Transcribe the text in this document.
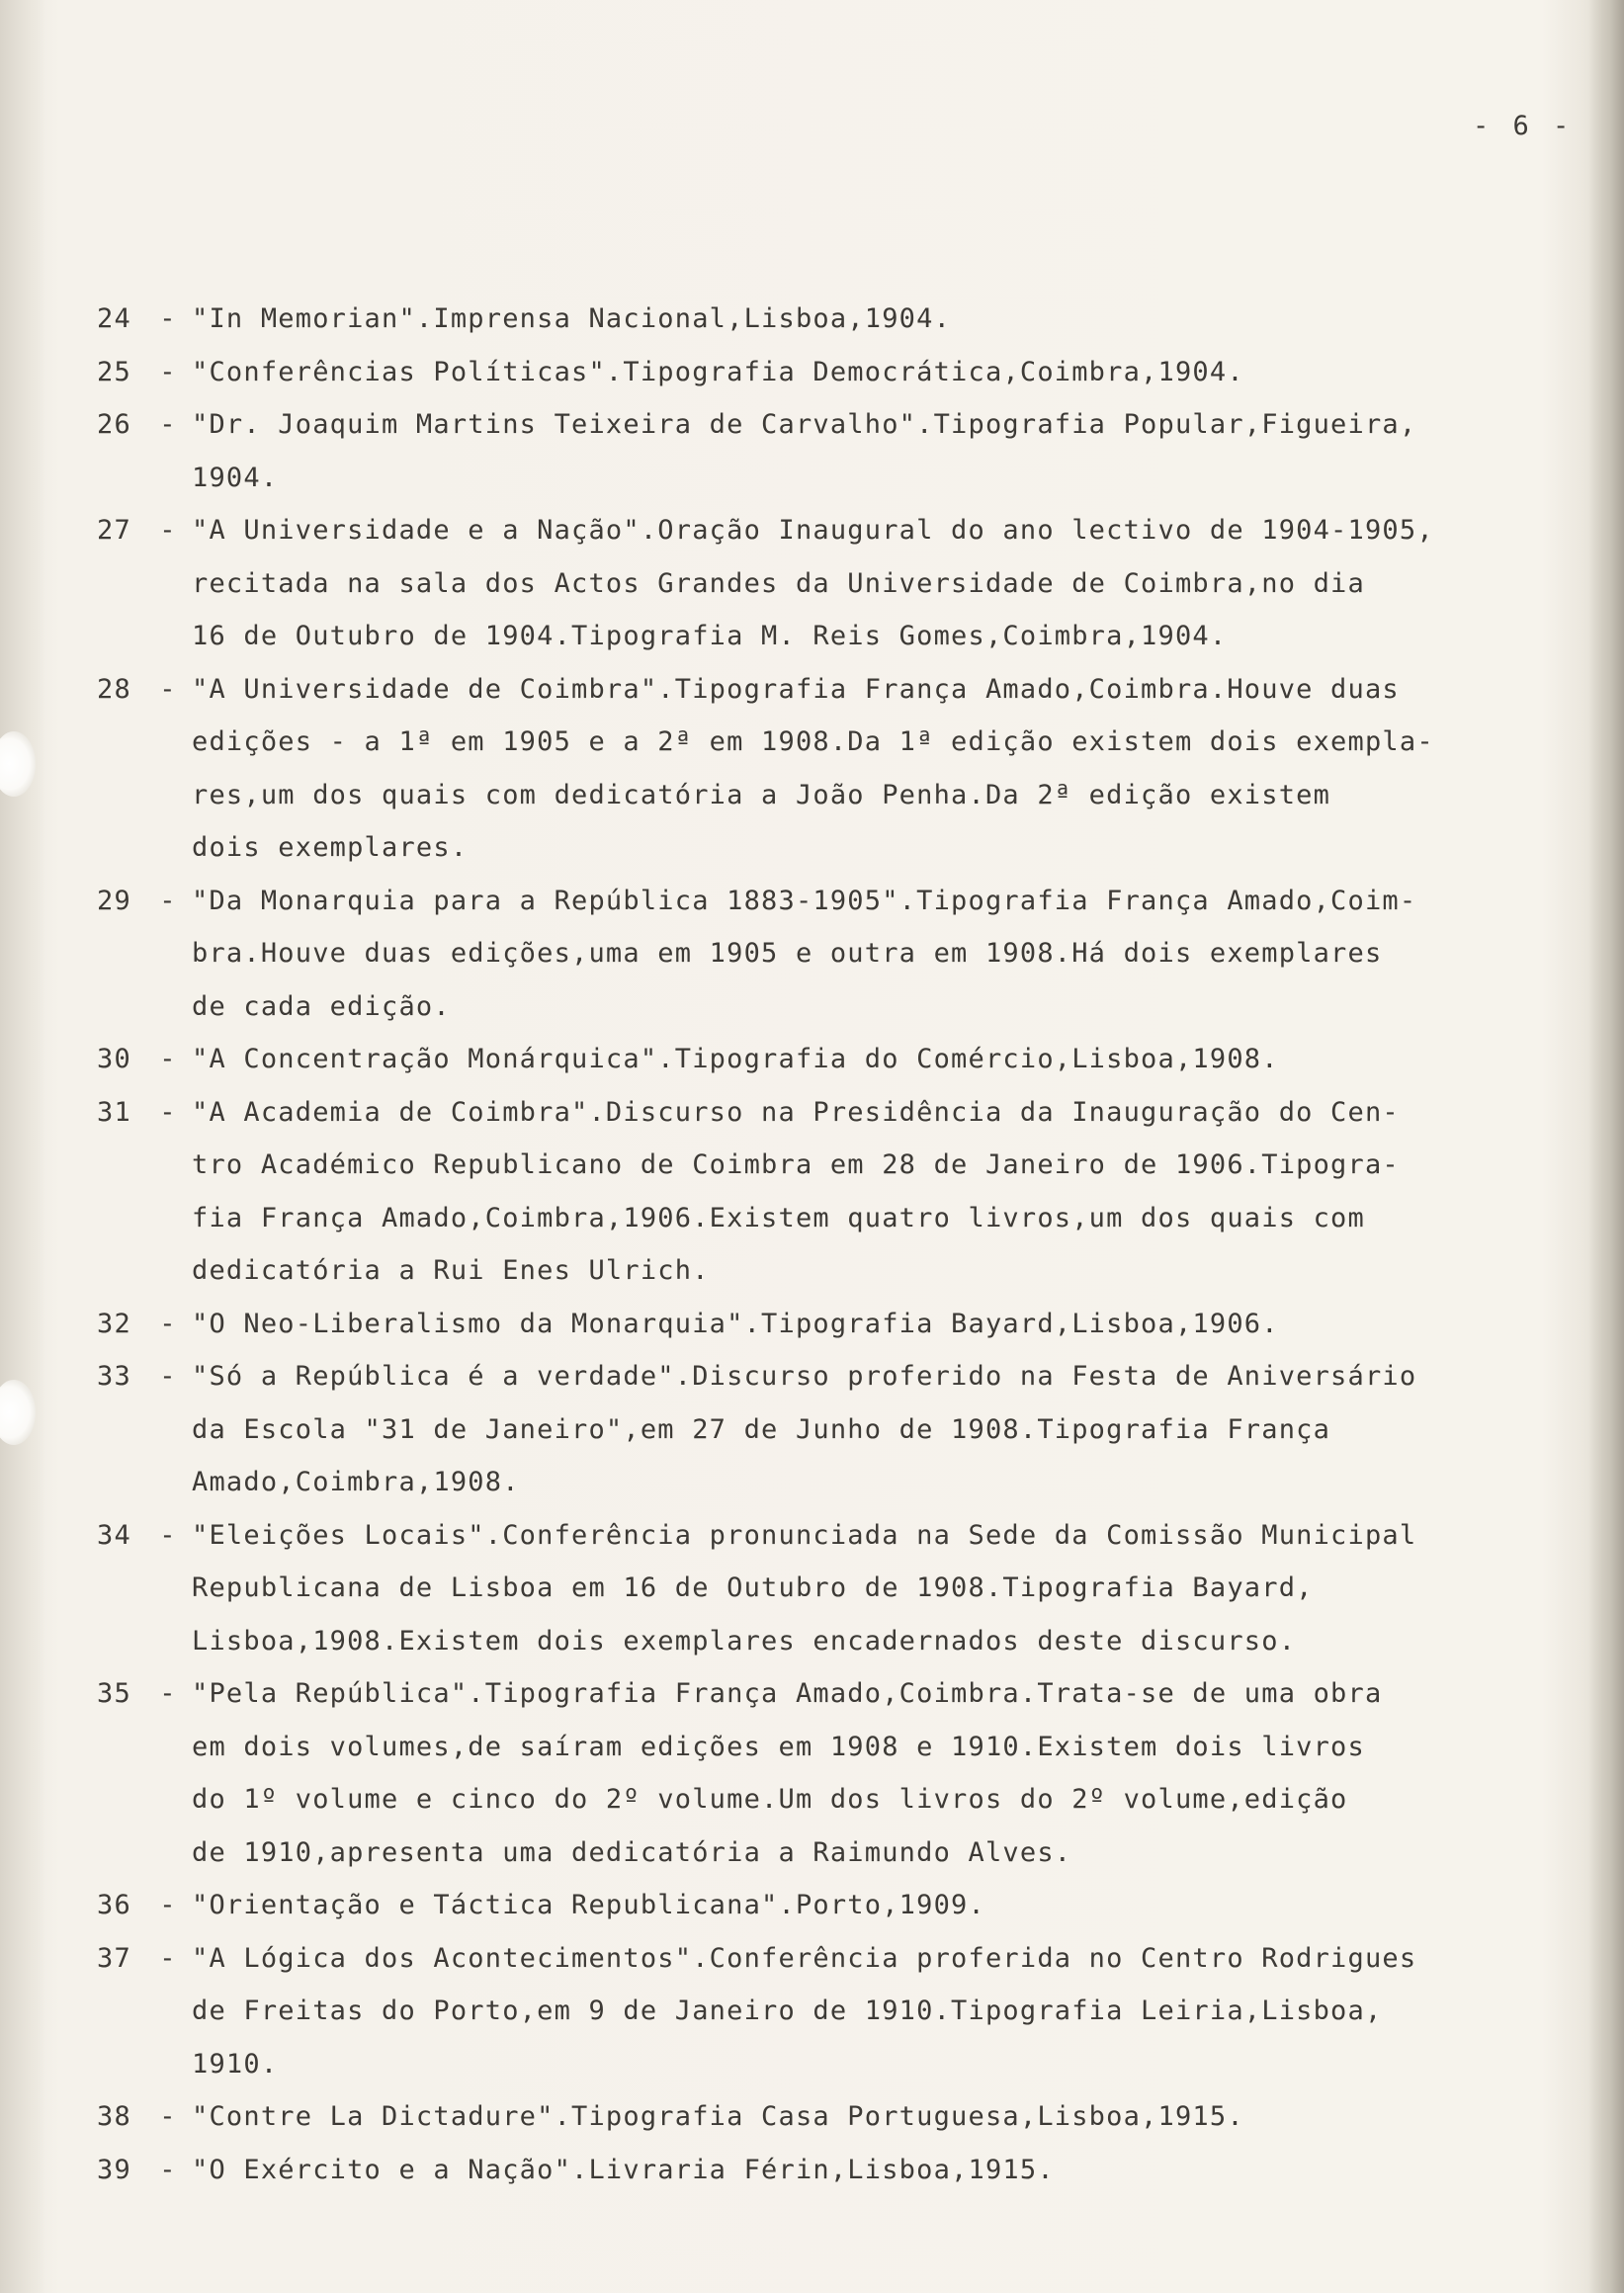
- 6 -
24	- "In Memorian".Imprensa Nacional,Lisboa,1904.
25	- "Conferências Políticas".Tipografia Democrática,Coimbra,1904.
26	- "Dr. Joaquim Martins Teixeira de Carvalho".Tipografia Popular,Figueira,
1904.
27	- "A Universidade e a Nação".Oração Inaugural do ano lectivo de 1904-1905,
recitada na sala dos Actos Grandes da Universidade de Coimbra,no dia
16 de Outubro de 1904.Tipografia M. Reis Gomes,Coimbra,1904.
28	- "A Universidade de Coimbra".Tipografia França Amado,Coimbra.Houve duas
edições - a 1ª em 1905 e a 2ª em 1908.Da 1ª edição existem dois exempla-
res,um dos quais com dedicatória a João Penha.Da 2ª edição existem
dois exemplares.
29	- "Da Monarquia para a República 1883-1905".Tipografia França Amado,Coim-
bra.Houve duas edições,uma em 1905 e outra em 1908.Há dois exemplares
de cada edição.
30	- "A Concentração Monárquica".Tipografia do Comércio,Lisboa,1908.
31	- "A Academia de Coimbra".Discurso na Presidência da Inauguração do Cen-
tro Académico Republicano de Coimbra em 28 de Janeiro de 1906.Tipogra-
fia França Amado,Coimbra,1906.Existem quatro livros,um dos quais com
dedicatória a Rui Enes Ulrich.
32	- "O Neo-Liberalismo da Monarquia".Tipografia Bayard,Lisboa,1906.
33	- "Só a República é a verdade".Discurso proferido na Festa de Aniversário
da Escola "31 de Janeiro",em 27 de Junho de 1908.Tipografia França
Amado,Coimbra,1908.
34	- "Eleições Locais".Conferência pronunciada na Sede da Comissão Municipal
Republicana de Lisboa em 16 de Outubro de 1908.Tipografia Bayard,
Lisboa,1908.Existem dois exemplares encadernados deste discurso.
35	- "Pela República".Tipografia França Amado,Coimbra.Trata-se de uma obra
em dois volumes,de saíram edições em 1908 e 1910.Existem dois livros
do 1º volume e cinco do 2º volume.Um dos livros do 2º volume,edição
de 1910,apresenta uma dedicatória a Raimundo Alves.
36	- "Orientação e Táctica Republicana".Porto,1909.
37	- "A Lógica dos Acontecimentos".Conferência proferida no Centro Rodrigues
de Freitas do Porto,em 9 de Janeiro de 1910.Tipografia Leiria,Lisboa,
1910.
38	- "Contre La Dictadure".Tipografia Casa Portuguesa,Lisboa,1915.
39	- "O Exército e a Nação".Livraria Férin,Lisboa,1915.
